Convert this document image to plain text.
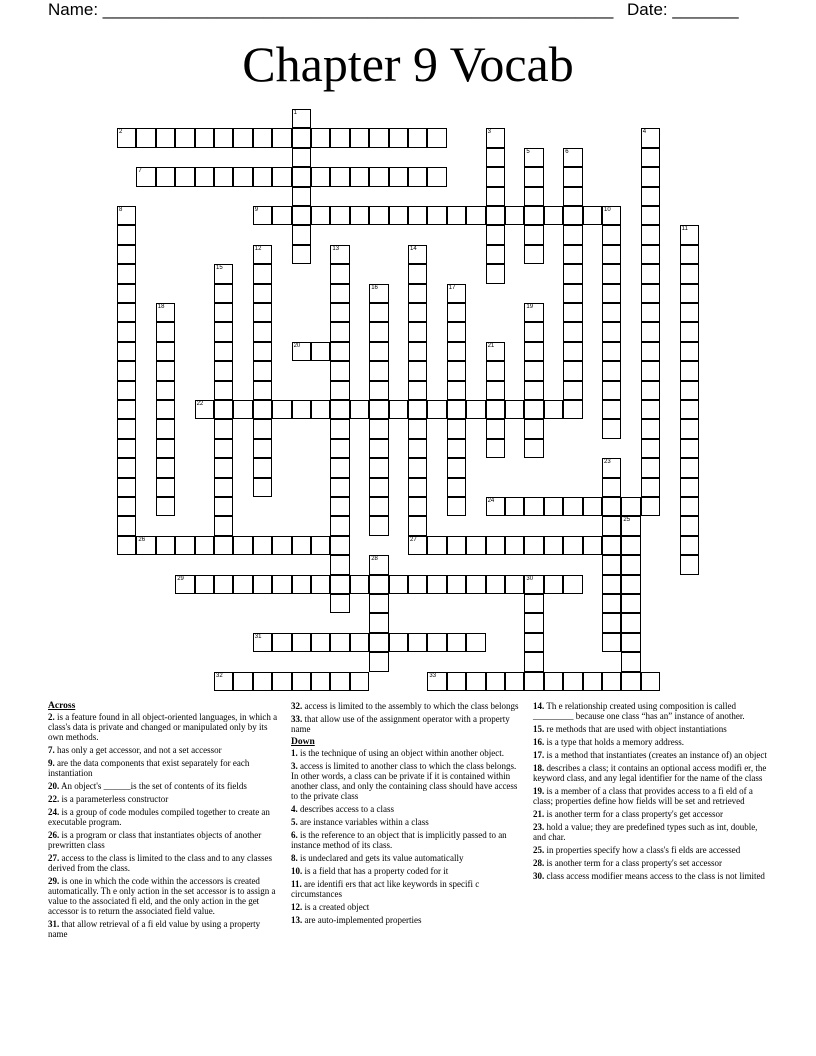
Name: ______________________________________________________ Date: _______
Chapter 9 Vocab
1
2	3	4
5	6
7
8	9	10
11
12	13	14
27
15
16	17
18	19
20	21
22
23
24
25
26
28
29	30
31
32	33
Across
2. is a feature found in all object-oriented languages, in which a class's data is private and changed or manipulated only by its own methods.
7. has only a get accessor, and not a set accessor
9. are the data components that exist separately for each instantiation
20. An object's ______is the set of contents of its fields
22. is a parameterless constructor
24. is a group of code modules compiled together to create an executable program.
26. is a program or class that instantiates objects of another prewritten class
27. access to the class is limited to the class and to any classes derived from the class.
29. is one in which the code within the accessors is created automatically. Th e only action in the set accessor is to assign a value to the associated fi eld, and the only action in the get accessor is to return the associated field value.
31. that allow retrieval of a fi eld value by using a property name
32. access is limited to the assembly to which the class belongs
33. that allow use of the assignment operator with a property name
Down
1. is the technique of using an object within another object.
3. access is limited to another class to which the class belongs. In other words, a class can be private if it is contained within another class, and only the containing class should have access to the private class
4. describes access to a class
5. are instance variables within a class
6. is the reference to an object that is implicitly passed to an instance method of its class.
8. is undeclared and gets its value automatically
10. is a field that has a property coded for it
11. are identifi ers that act like keywords in specifi c circumstances
12. is a created object
13. are auto-implemented properties
14. Th e relationship created using composition is called _________ because one class “has an” instance of another.
15. re methods that are used with object instantiations
16. is a type that holds a memory address.
17. is a method that instantiates (creates an instance of) an object
18. describes a class; it contains an optional access modifi er, the keyword class, and any legal identifier for the name of the class
19. is a member of a class that provides access to a fi eld of a class; properties define how fields will be set and retrieved
21. is another term for a class property's get accessor
23. hold a value; they are predefined types such as int, double, and char.
25. in properties specify how a class's fi elds are accessed
28. is another term for a class property's set accessor
30. class access modifier means access to the class is not limited
